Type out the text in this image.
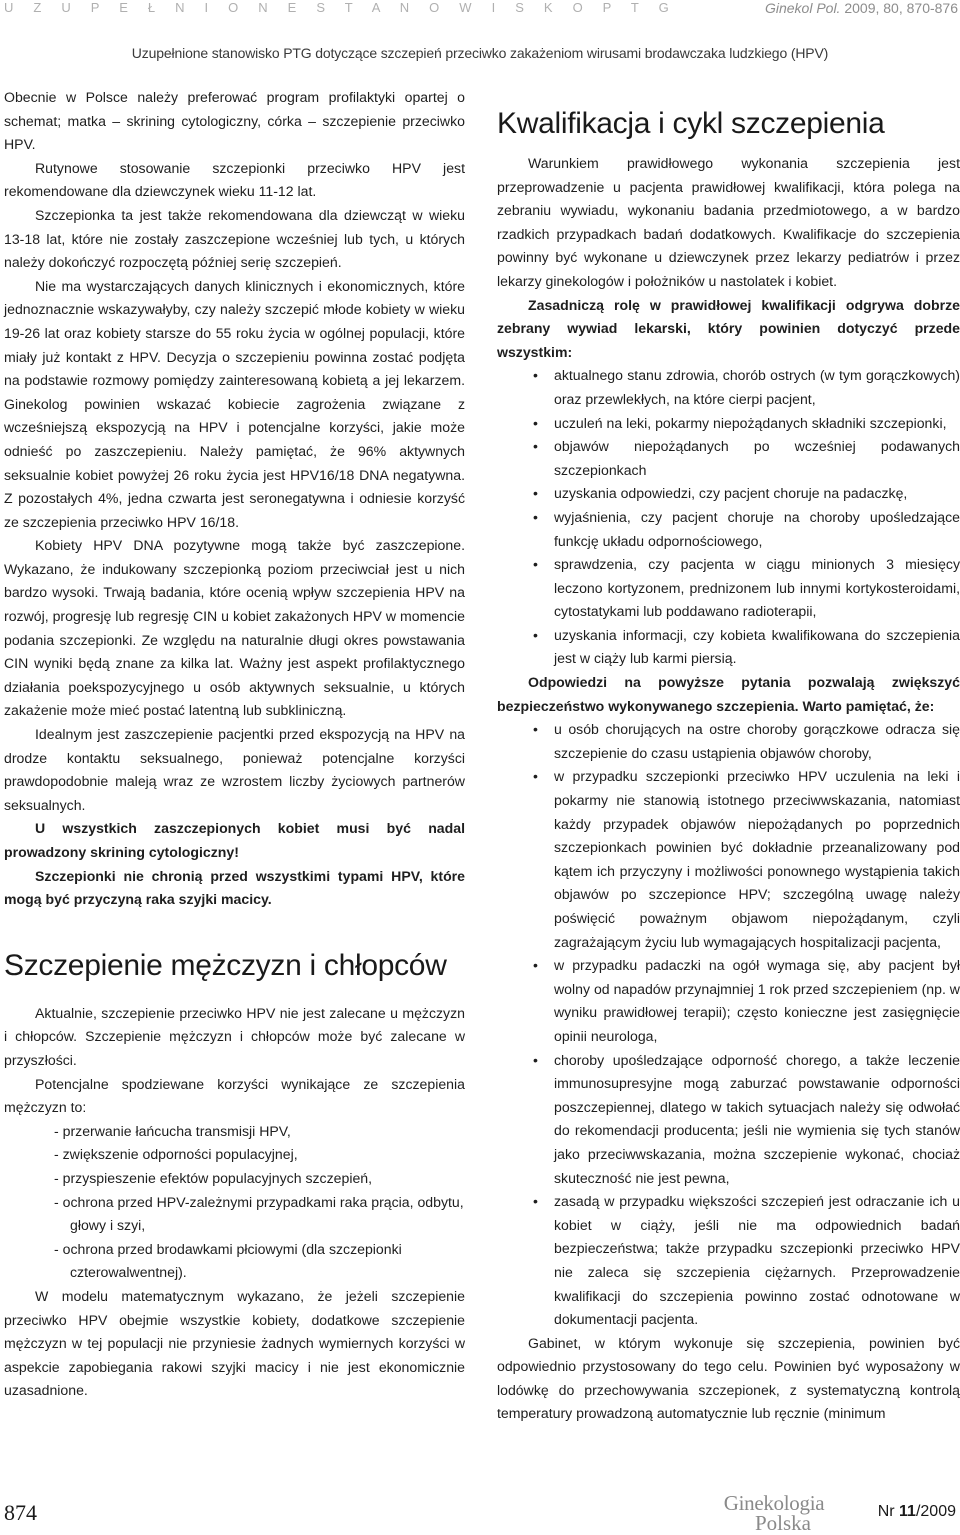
U Z U P E Ł N I O N E S T A N O W I S K O P T G	Ginekol Pol. 2009, 80, 870-876
Uzupełnione stanowisko PTG dotyczące szczepień przeciwko zakażeniom wirusami brodawczaka ludzkiego (HPV)

Obecnie w Polsce należy preferować program profilaktyki opartej o schemat; matka – skrining cytologiczny, córka – szczepienie przeciwko HPV.

Rutynowe stosowanie szczepionki przeciwko HPV jest rekomendowane dla dziewczynek wieku 11-12 lat.

Szczepionka ta jest także rekomendowana dla dziewcząt w wieku 13-18 lat, które nie zostały zaszczepione wcześniej lub tych, u których należy dokończyć rozpoczętą później serię szczepień.

Nie ma wystarczających danych klinicznych i ekonomicznych, które jednoznacznie wskazywałyby, czy należy szczepić młode kobiety w wieku 19-26 lat oraz kobiety starsze do 55 roku życia w ogólnej populacji, które miały już kontakt z HPV. Decyzja o szczepieniu powinna zostać podjęta na podstawie rozmowy pomiędzy zainteresowaną kobietą a jej lekarzem. Ginekolog powinien wskazać kobiecie zagrożenia związane z wcześniejszą ekspozycją na HPV i potencjalne korzyści, jakie może odnieść po zaszczepieniu. Należy pamiętać, że 96% aktywnych seksualnie kobiet powyżej 26 roku życia jest HPV16/18 DNA negatywna. Z pozostałych 4%, jedna czwarta jest seronegatywna i odniesie korzyść ze szczepienia przeciwko HPV 16/18.

Kobiety HPV DNA pozytywne mogą także być zaszczepione. Wykazano, że indukowany szczepionką poziom przeciwciał jest u nich bardzo wysoki. Trwają badania, które ocenią wpływ szczepienia HPV na rozwój, progresję lub regresję CIN u kobiet zakażonych HPV w momencie podania szczepionki. Ze względu na naturalnie długi okres powstawania CIN wyniki będą znane za kilka lat. Ważny jest aspekt profilaktycznego działania poekspozycyjnego u osób aktywnych seksualnie, u których zakażenie może mieć postać latentną lub subkliniczną.

Idealnym jest zaszczepienie pacjentki przed ekspozycją na HPV na drodze kontaktu seksualnego, ponieważ potencjalne korzyści prawdopodobnie maleją wraz ze wzrostem liczby życiowych partnerów seksualnych.

U wszystkich zaszczepionych kobiet musi być nadal prowadzony skrining cytologiczny!

Szczepionki nie chronią przed wszystkimi typami HPV, które mogą być przyczyną raka szyjki macicy.

Szczepienie mężczyzn i chłopców

Aktualnie, szczepienie przeciwko HPV nie jest zalecane u mężczyzn i chłopców. Szczepienie mężczyzn i chłopców może być zalecane w przyszłości.

Potencjalne spodziewane korzyści wynikające ze szczepienia mężczyzn to:

- przerwanie łańcucha transmisji HPV,
- zwiększenie odporności populacyjnej,
- przyspieszenie efektów populacyjnych szczepień,
- ochrona przed HPV-zależnymi przypadkami raka prącia, odbytu, głowy i szyi,
- ochrona przed brodawkami płciowymi (dla szczepionki czterowalwentnej).

W modelu matematycznym wykazano, że jeżeli szczepienie przeciwko HPV obejmie wszystkie kobiety, dodatkowe szczepienie mężczyzn w tej populacji nie przyniesie żadnych wymiernych korzyści w aspekcie zapobiegania rakowi szyjki macicy i nie jest ekonomicznie uzasadnione.

Kwalifikacja i cykl szczepienia

Warunkiem prawidłowego wykonania szczepienia jest przeprowadzenie u pacjenta prawidłowej kwalifikacji, która polega na zebraniu wywiadu, wykonaniu badania przedmiotowego, a w bardzo rzadkich przypadkach badań dodatkowych. Kwalifikacje do szczepienia powinny być wykonane u dziewczynek przez lekarzy pediatrów i przez lekarzy ginekologów i położników u nastolatek i kobiet.

Zasadniczą rolę w prawidłowej kwalifikacji odgrywa dobrze zebrany wywiad lekarski, który powinien dotyczyć przede wszystkim:

• aktualnego stanu zdrowia, chorób ostrych (w tym gorączkowych) oraz przewlekłych, na które cierpi pacjent,
• uczuleń na leki, pokarmy niepożądanych składniki szczepionki,
• objawów niepożądanych po wcześniej podawanych szczepionkach
• uzyskania odpowiedzi, czy pacjent choruje na padaczkę,
• wyjaśnienia, czy pacjent choruje na choroby upośledzające funkcję układu odpornościowego,
• sprawdzenia, czy pacjenta w ciągu minionych 3 miesięcy leczono kortyzonem, prednizonem lub innymi kortykosteroidami, cytostatykami lub poddawano radioterapii,
• uzyskania informacji, czy kobieta kwalifikowana do szczepienia jest w ciąży lub karmi piersią.

Odpowiedzi na powyższe pytania pozwalają zwiększyć bezpieczeństwo wykonywanego szczepienia. Warto pamiętać, że:

• u osób chorujących na ostre choroby gorączkowe odracza się szczepienie do czasu ustąpienia objawów choroby,
• w przypadku szczepionki przeciwko HPV uczulenia na leki i pokarmy nie stanowią istotnego przeciwwskazania, natomiast każdy przypadek objawów niepożądanych po poprzednich szczepionkach powinien być dokładnie przeanalizowany pod kątem ich przyczyny i możliwości ponownego wystąpienia takich objawów po szczepionce HPV; szczególną uwagę należy poświęcić poważnym objawom niepożądanym, czyli zagrażającym życiu lub wymagających hospitalizacji pacjenta,
• w przypadku padaczki na ogół wymaga się, aby pacjent był wolny od napadów przynajmniej 1 rok przed szczepieniem (np. w wyniku prawidłowej terapii); często konieczne jest zasięgnięcie opinii neurologa,
• choroby upośledzające odporność chorego, a także leczenie immunosupresyjne mogą zaburzać powstawanie odporności poszczepiennej, dlatego w takich sytuacjach należy się odwołać do rekomendacji producenta; jeśli nie wymienia się tych stanów jako przeciwwskazania, można szczepienie wykonać, chociaż skuteczność nie jest pewna,
• zasadą w przypadku większości szczepień jest odraczanie ich u kobiet w ciąży, jeśli nie ma odpowiednich badań bezpieczeństwa; także przypadku szczepionki przeciwko HPV nie zaleca się szczepienia ciężarnych. Przeprowadzenie kwalifikacji do szczepienia powinno zostać odnotowane w dokumentacji pacjenta.

Gabinet, w którym wykonuje się szczepienia, powinien być odpowiednio przystosowany do tego celu. Powinien być wyposażony w lodówkę do przechowywania szczepionek, z systematyczną kontrolą temperatury prowadzoną automatycznie lub ręcznie (minimum

874	Ginekologia
Polska	Nr 11/2009
